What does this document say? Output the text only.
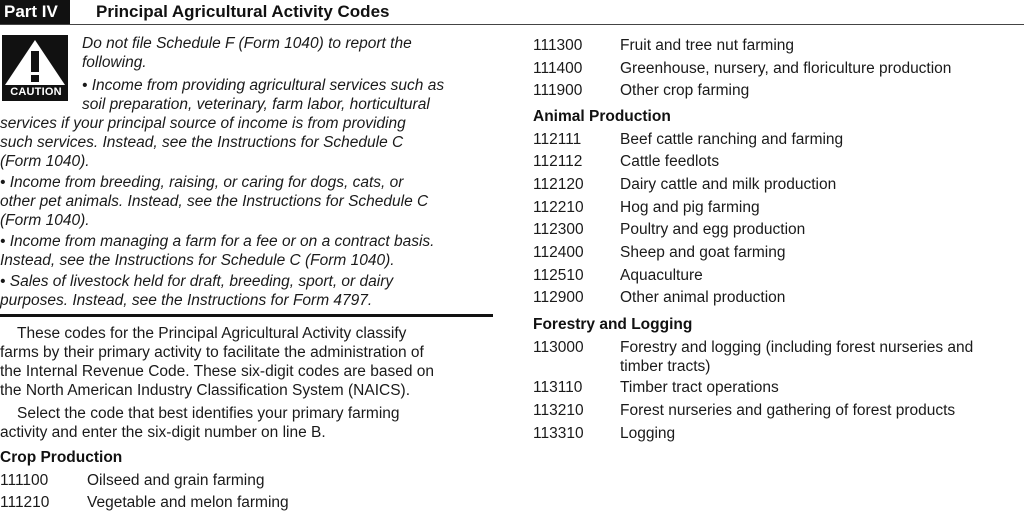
Part IV	Principal Agricultural Activity Codes
CAUTION
Do not file Schedule F (Form 1040) to report the
following.
• Income from providing agricultural services such as
soil preparation, veterinary, farm labor, horticultural
services if your principal source of income is from providing
such services. Instead, see the Instructions for Schedule C
(Form 1040).
• Income from breeding, raising, or caring for dogs, cats, or
other pet animals. Instead, see the Instructions for Schedule C
(Form 1040).
• Income from managing a farm for a fee or on a contract basis.
Instead, see the Instructions for Schedule C (Form 1040).
• Sales of livestock held for draft, breeding, sport, or dairy
purposes. Instead, see the Instructions for Form 4797.
These codes for the Principal Agricultural Activity classify
farms by their primary activity to facilitate the administration of
the Internal Revenue Code. These six-digit codes are based on
the North American Industry Classification System (NAICS).
Select the code that best identifies your primary farming
activity and enter the six-digit number on line B.
Crop Production
111100	Oilseed and grain farming
111210	Vegetable and melon farming
111300	Fruit and tree nut farming
111400	Greenhouse, nursery, and floriculture production
111900	Other crop farming
Animal Production
112111	Beef cattle ranching and farming
112112	Cattle feedlots
112120	Dairy cattle and milk production
112210	Hog and pig farming
112300	Poultry and egg production
112400	Sheep and goat farming
112510	Aquaculture
112900	Other animal production
Forestry and Logging
113000	Forestry and logging (including forest nurseries and
timber tracts)
113110	Timber tract operations
113210	Forest nurseries and gathering of forest products
113310	Logging
